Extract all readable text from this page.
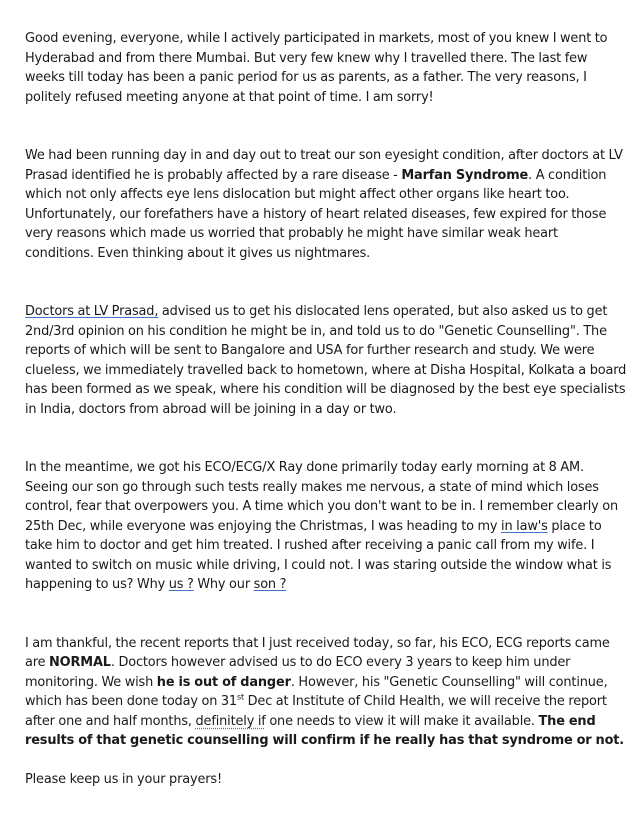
Good evening, everyone, while I actively participated in markets, most of you knew I went to Hyderabad and from there Mumbai. But very few knew why I travelled there. The last few weeks till today has been a panic period for us as parents, as a father. The very reasons, I politely refused meeting anyone at that point of time. I am sorry!

We had been running day in and day out to treat our son eyesight condition, after doctors at LV Prasad identified he is probably affected by a rare disease - Marfan Syndrome. A condition which not only affects eye lens dislocation but might affect other organs like heart too. Unfortunately, our forefathers have a history of heart related diseases, few expired for those very reasons which made us worried that probably he might have similar weak heart conditions. Even thinking about it gives us nightmares.

Doctors at LV Prasad, advised us to get his dislocated lens operated, but also asked us to get 2nd/3rd opinion on his condition he might be in, and told us to do "Genetic Counselling". The reports of which will be sent to Bangalore and USA for further research and study. We were clueless, we immediately travelled back to hometown, where at Disha Hospital, Kolkata a board has been formed as we speak, where his condition will be diagnosed by the best eye specialists in India, doctors from abroad will be joining in a day or two.

In the meantime, we got his ECO/ECG/X Ray done primarily today early morning at 8 AM. Seeing our son go through such tests really makes me nervous, a state of mind which loses control, fear that overpowers you. A time which you don't want to be in. I remember clearly on 25th Dec, while everyone was enjoying the Christmas, I was heading to my in law's place to take him to doctor and get him treated. I rushed after receiving a panic call from my wife. I wanted to switch on music while driving, I could not. I was staring outside the window what is happening to us? Why us ? Why our son ?

I am thankful, the recent reports that I just received today, so far, his ECO, ECG reports came are NORMAL. Doctors however advised us to do ECO every 3 years to keep him under monitoring. We wish he is out of danger. However, his "Genetic Counselling" will continue, which has been done today on 31st Dec at Institute of Child Health, we will receive the report after one and half months, definitely if one needs to view it will make it available. The end results of that genetic counselling will confirm if he really has that syndrome or not.

Please keep us in your prayers!
